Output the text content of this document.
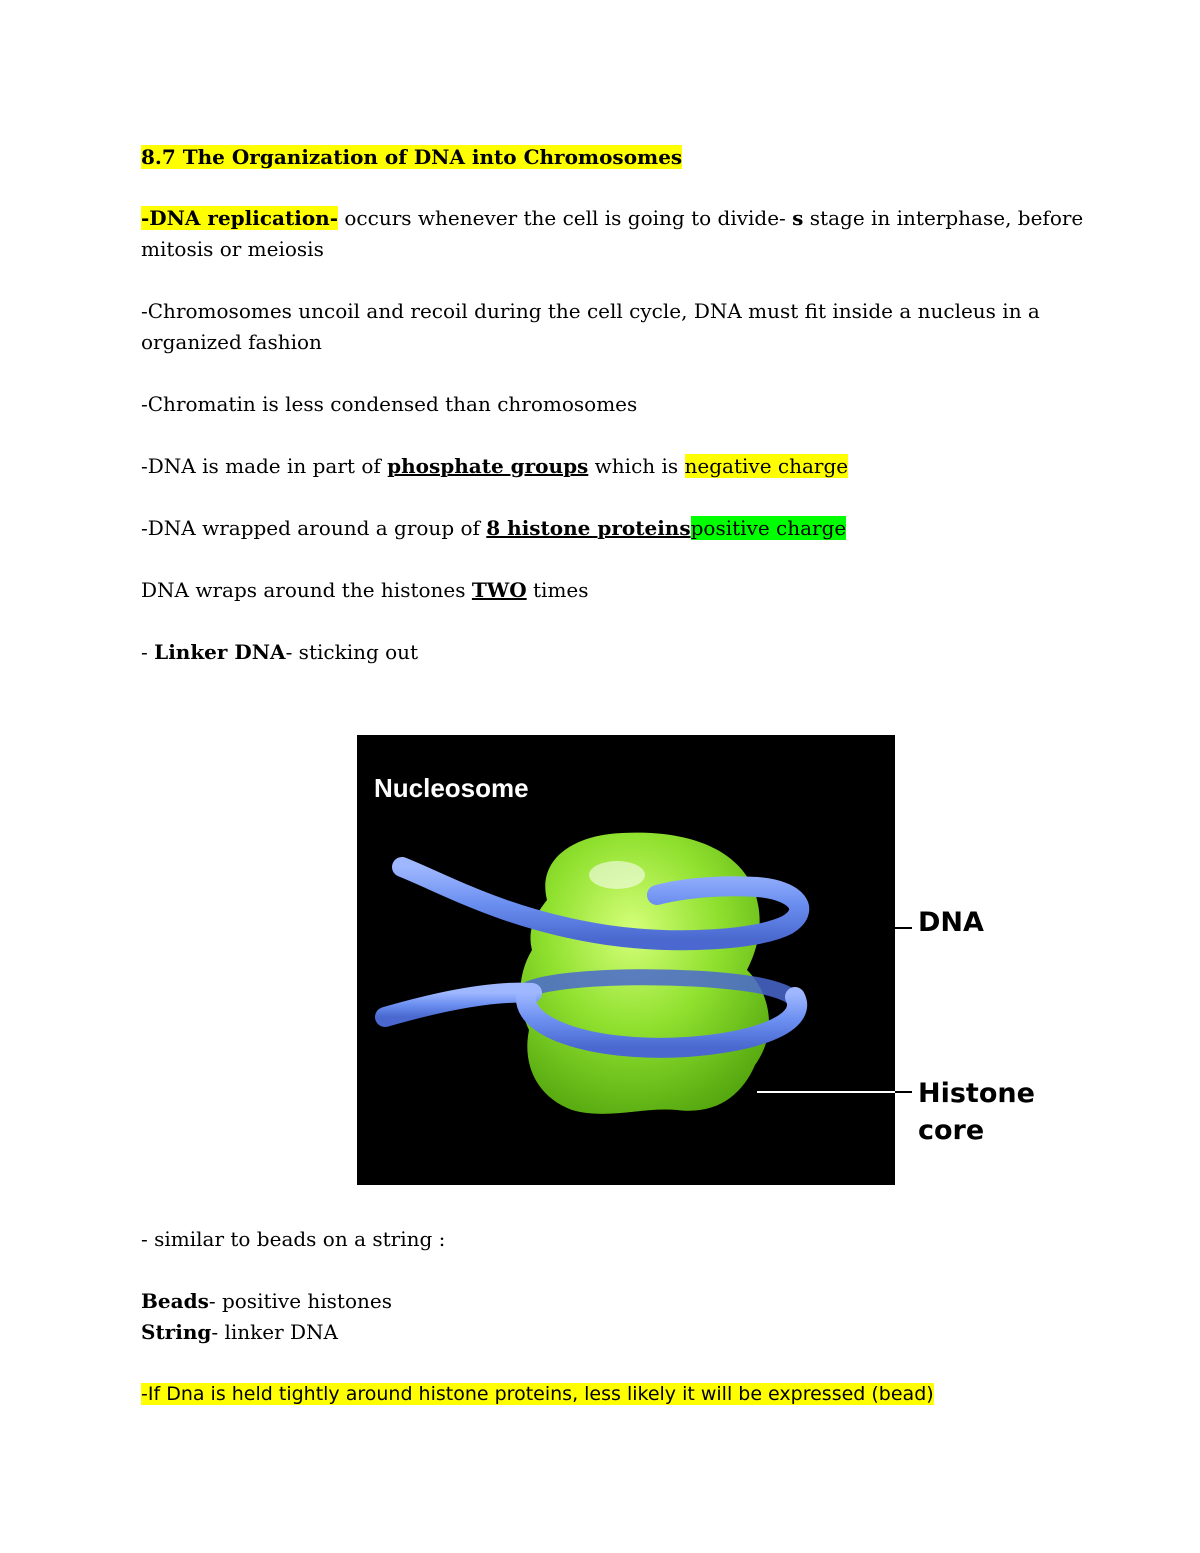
8.7 The Organization of DNA into Chromosomes
-DNA replication- occurs whenever the cell is going to divide- s stage in interphase, before
mitosis or meiosis
-Chromosomes uncoil and recoil during the cell cycle, DNA must fit inside a nucleus in a
organized fashion
-Chromatin is less condensed than chromosomes
-DNA is made in part of phosphate groups which is negative charge
-DNA wrapped around a group of 8 histone proteinspositive charge
DNA wraps around the histones TWO times
- Linker DNA- sticking out
Nucleosome
DNA
Histone
core
- similar to beads on a string :
Beads- positive histones
String- linker DNA
-If Dna is held tightly around histone proteins, less likely it will be expressed (bead)
